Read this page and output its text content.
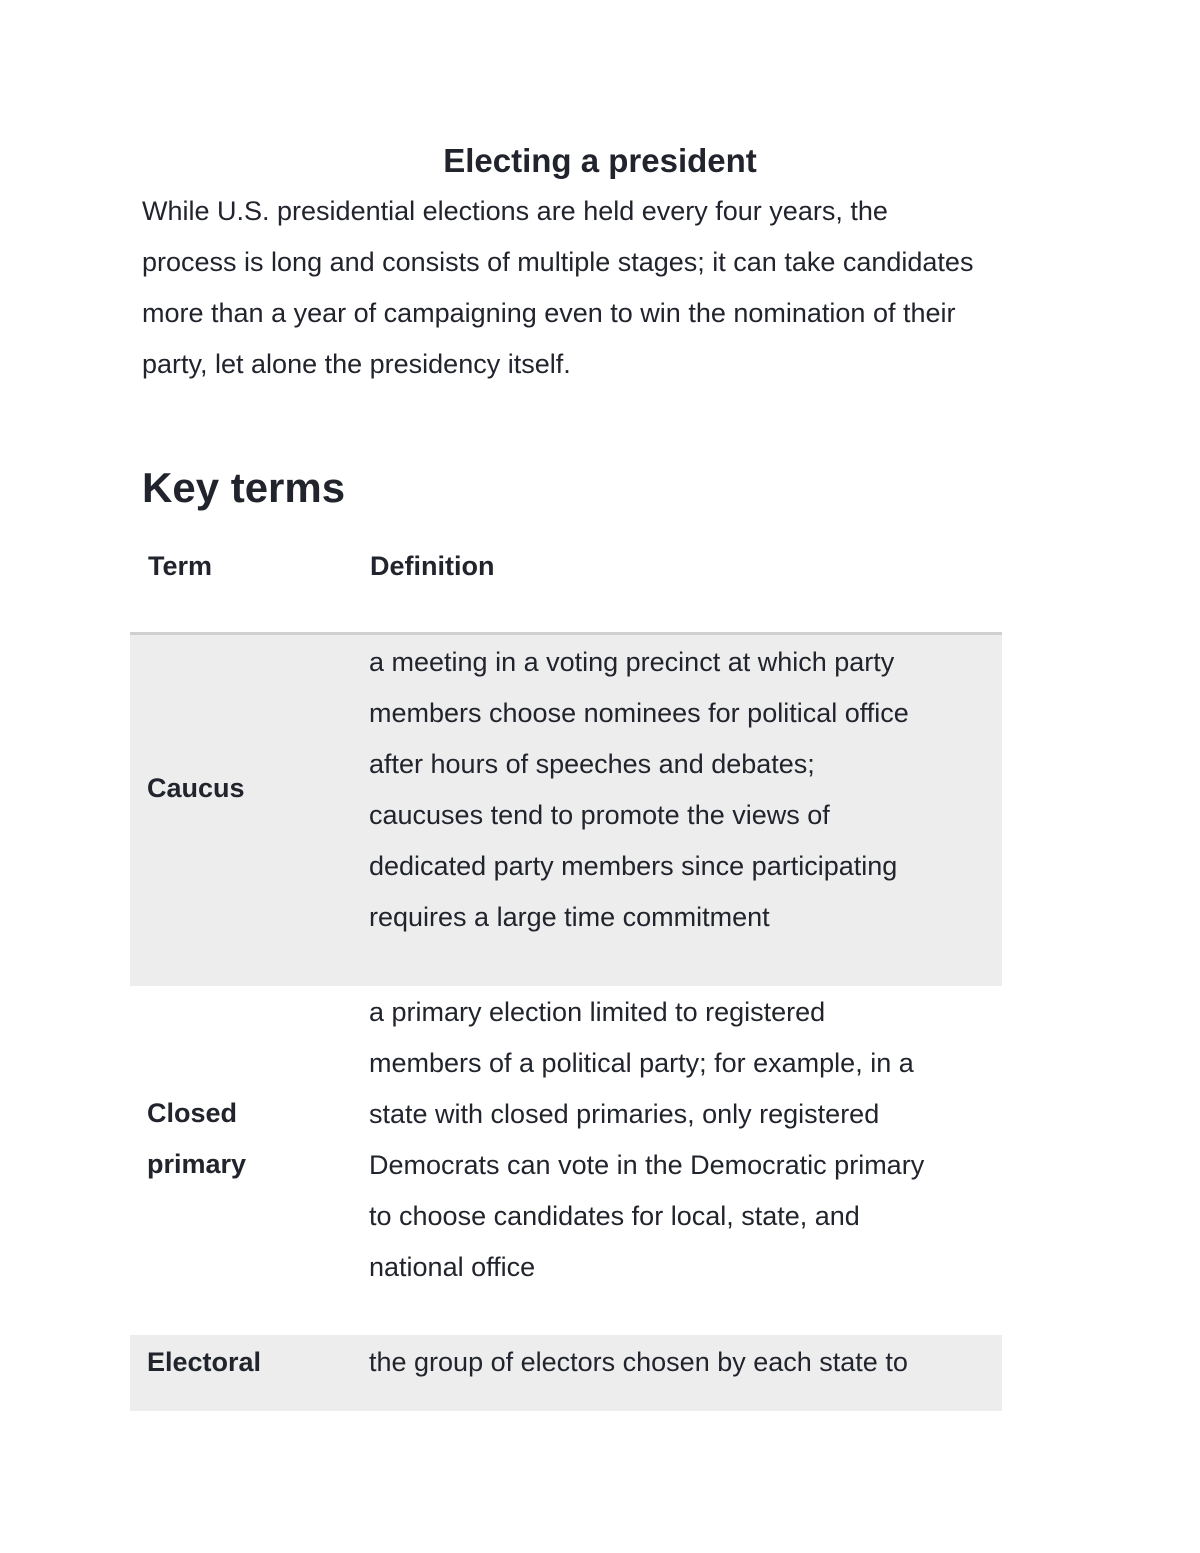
Electing a president

While U.S. presidential elections are held every four years, the
process is long and consists of multiple stages; it can take candidates
more than a year of campaigning even to win the nomination of their
party, let alone the presidency itself.

Key terms
Term	Definition
Caucus
a meeting in a voting precinct at which party
members choose nominees for political office
after hours of speeches and debates;
caucuses tend to promote the views of
dedicated party members since participating
requires a large time commitment
Closed
primary
a primary election limited to registered
members of a political party; for example, in a
state with closed primaries, only registered
Democrats can vote in the Democratic primary
to choose candidates for local, state, and
national office
Electoral	the group of electors chosen by each state to
